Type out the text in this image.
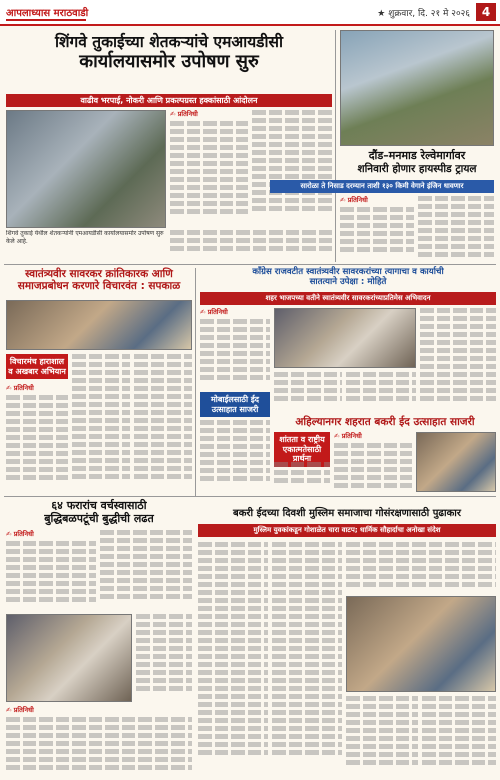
आपलाध्यास मराठवाडी	★ शुक्रवार, दि. २१ मे २०२६ 4
शिंगवे तुकाईच्या शेतकऱ्यांचे एमआयडीसी
कार्यालयासमोर उपोषण सुरु
वाढीव भरपाई, नोकरी आणि प्रकल्पग्रस्त हक्कांसाठी आंदोलन
✍ प्रतिनिधी
शिंगवे तुकाई येथील शेतकऱ्यांनी एमआयडीसी कार्यालयासमोर उपोषण सुरु केले आहे.
दौंड–मनमाड रेल्वेमार्गावर
शनिवारी होणार हायस्पीड ट्रायल
सारोळा ते निसाड दरम्यान ताशी १३० किमी वेगाने इंजिन धावणार
✍ प्रतिनिधी
स्वातंत्र्यवीर सावरकर क्रांतिकारक आणि
समाजप्रबोधन करणारे विचारवंत : सपकाळ
विचारमंच हाराशाल व अखबार अभियान
✍ प्रतिनिधी
काँग्रेस राजवटीत स्वातंत्र्यवीर सावरकरांच्या त्यागाचा व कार्याची
सातत्याने उपेक्षा : मोहिते
शहर भाजपच्या वतीने स्वातंत्र्यवीर सावरकरांच्याप्रतिमेस अभिवादन
✍ प्रतिनिधी
मोबाईलसाठी ईद उत्साहात साजरी
अहिल्यानगर शहरात बकरी ईद उत्साहात साजरी
शांतता व राष्ट्रीय एकात्मतेसाठी प्रार्थना
✍ प्रतिनिधी
६४ फरारांच वर्चस्वासाठी
बुद्धिबळपटूंची बुद्धीची लढत
✍ प्रतिनिधी
बकरी ईदच्या दिवशी मुस्लिम समाजाचा गोसंरक्षणासाठी पुढाकार
मुस्लिम युवकांकडून गोशाळेत चारा वाटप; धार्मिक सौहार्दाचा अनोखा संदेश
✍ प्रतिनिधी
